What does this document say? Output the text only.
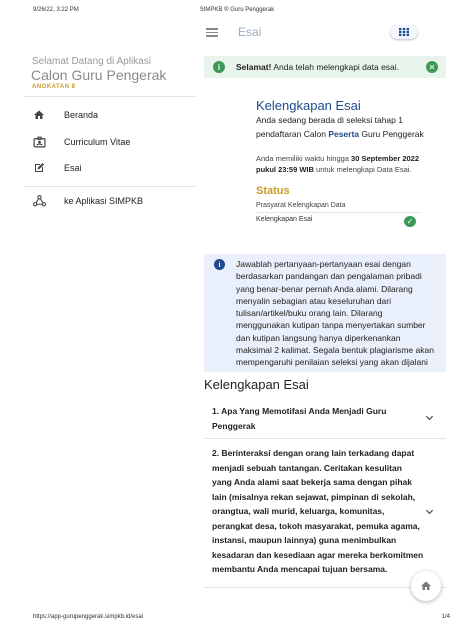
9/26/22, 3:22 PM	SIMPKB ® Guru Penggerak
Selamat Datang di Aplikasi
Calon Guru Pengerak
ANGKATAN 8
Beranda
Curriculum Vitae
Esai
ke Aplikasi SIMPKB
Esai
i	Selamat! Anda telah melengkapi data esai.	✕
Kelengkapan Esai
Anda sedang berada di seleksi tahap 1 pendaftaran Calon Peserta Guru Penggerak
Anda memiliki waktu hingga 30 September 2022 pukul 23:59 WIB untuk melengkapi Data Esai.
Status
Prasyarat Kelengkapan Data
Kelengkapan Esai	✓
i	Jawablah pertanyaan-pertanyaan esai dengan berdasarkan pandangan dan pengalaman pribadi yang benar-benar pernah Anda alami. Dilarang menyalin sebagian atau keseluruhan dari tulisan/artikel/buku orang lain. Dilarang menggunakan kutipan tanpa menyertakan sumber dan kutipan langsung hanya diperkenankan maksimal 2 kalimat. Segala bentuk plagiarisme akan mempengaruhi penilaian seleksi yang akan dijalani
Kelengkapan Esai
1. Apa Yang Memotifasi Anda Menjadi Guru Penggerak
2. Berinteraksi dengan orang lain terkadang dapat menjadi sebuah tantangan. Ceritakan kesulitan yang Anda alami saat bekerja sama dengan pihak lain (misalnya rekan sejawat, pimpinan di sekolah, orangtua, wali murid, keluarga, komunitas, perangkat desa, tokoh masyarakat, pemuka agama, instansi, maupun lainnya) guna menimbulkan kesadaran dan kesediaan agar mereka berkomitmen membantu Anda mencapai tujuan bersama.
https://app-gurupenggerak.simpkb.id/esai	1/4
